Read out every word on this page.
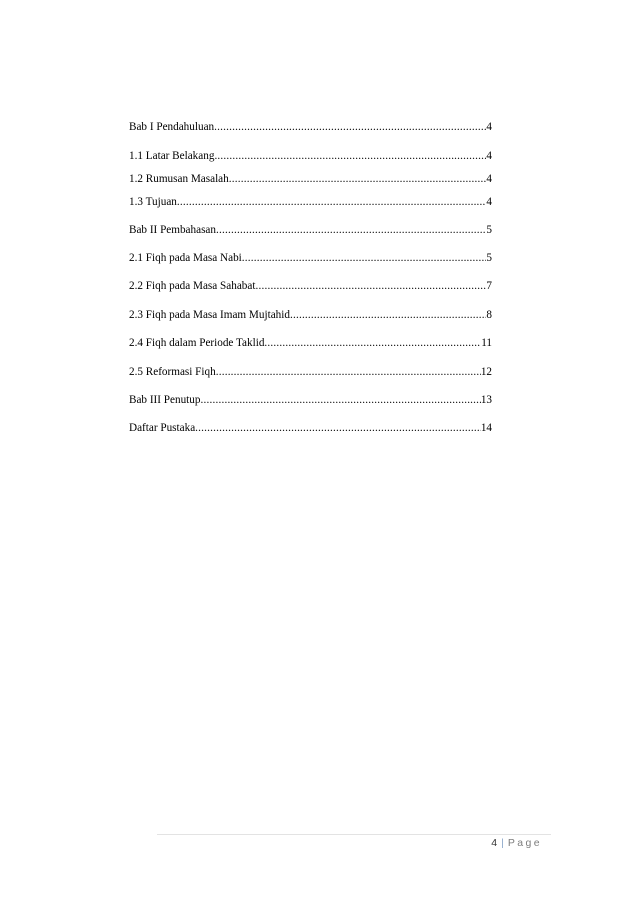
Bab I Pendahuluan .....	4
1.1 Latar Belakang .....	4
1.2 Rumusan Masalah .....	4
1.3 Tujuan .....	4
Bab II Pembahasan .....	5
2.1 Fiqh pada Masa Nabi .....	5
2.2 Fiqh pada Masa Sahabat .....	7
2.3 Fiqh pada Masa Imam Mujtahid .....	8
2.4 Fiqh dalam Periode Taklid .....	11
2.5 Reformasi Fiqh .....	12
Bab III Penutup .....	13
Daftar Pustaka .....	14
4 | Page
